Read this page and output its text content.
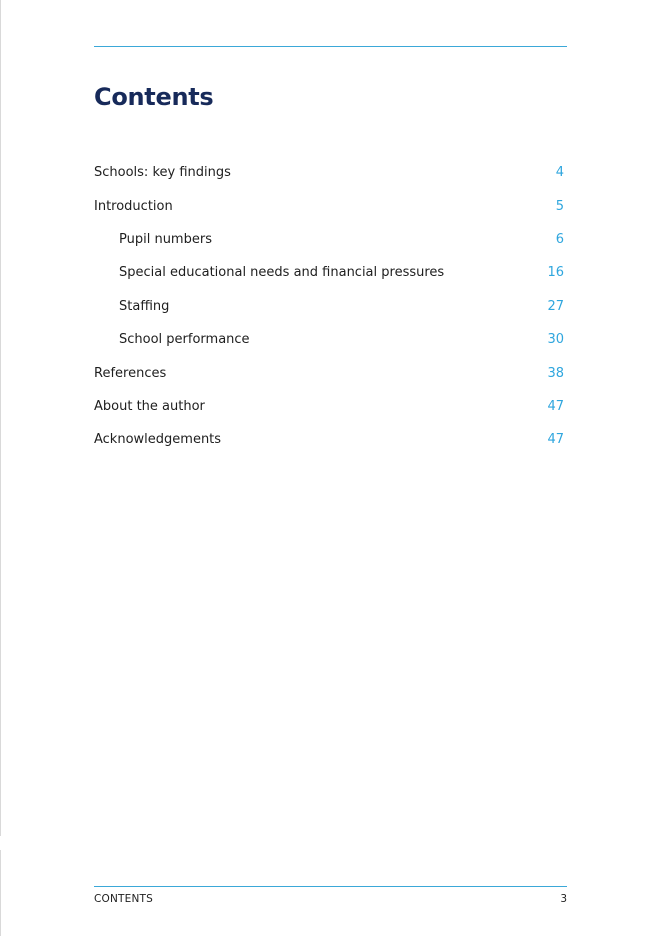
Contents
Schools: key findings	4
Introduction	5
Pupil numbers	6
Special educational needs and financial pressures	16
Staffing	27
School performance	30
References	38
About the author	47
Acknowledgements	47
CONTENTS	3
